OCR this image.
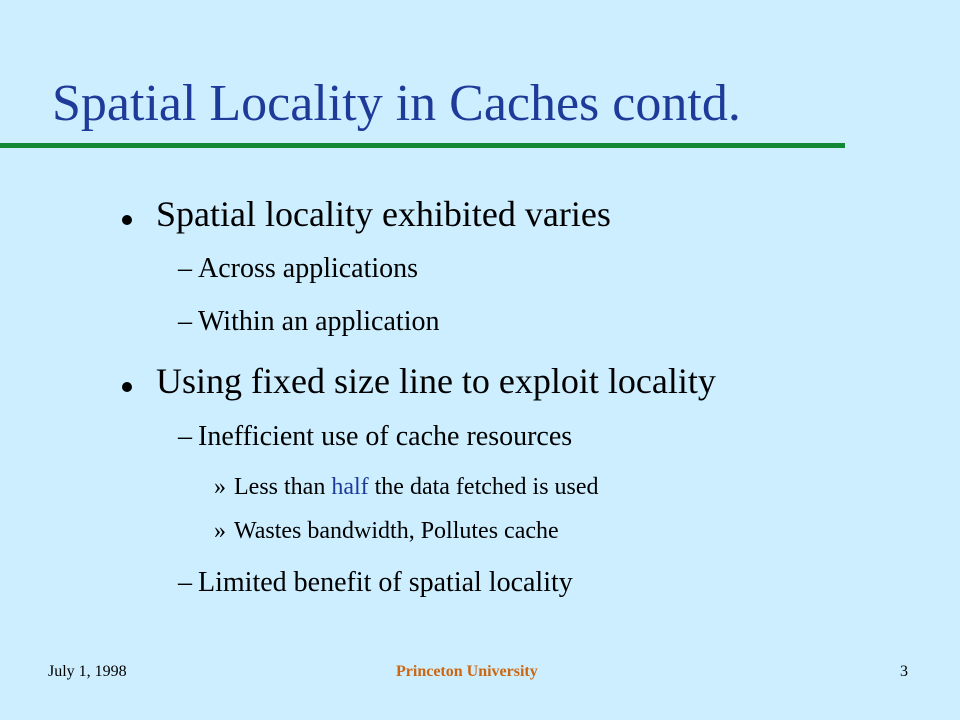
Spatial Locality in Caches contd.
Spatial locality exhibited varies
– Across applications
– Within an application
Using fixed size line to exploit locality
– Inefficient use of cache resources
» Less than half the data fetched is used
» Wastes bandwidth, Pollutes cache
– Limited benefit of spatial locality
July 1, 1998	Princeton University	3
